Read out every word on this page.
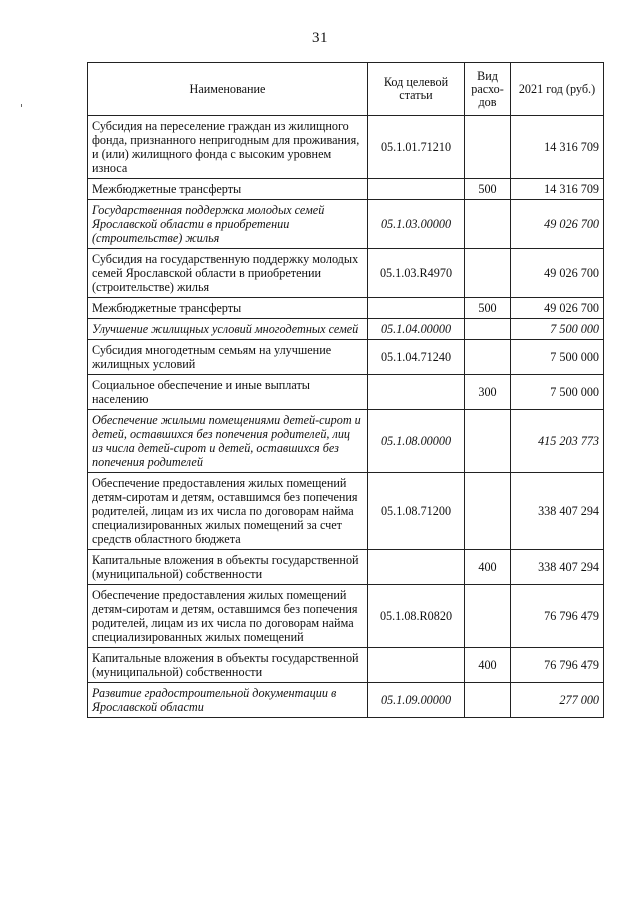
31
Наименование	Код целевой статьи	Вид расхо-дов	2021 год (руб.)
Субсидия на переселение граждан из жилищного фонда, признанного непригодным для проживания, и (или) жилищного фонда с высоким уровнем износа	05.1.01.71210		14 316 709
Межбюджетные трансферты		500	14 316 709
Государственная поддержка молодых семей Ярославской области в приобретении (строительстве) жилья	05.1.03.00000		49 026 700
Субсидия на государственную поддержку молодых семей Ярославской области в приобретении (строительстве) жилья	05.1.03.R4970		49 026 700
Межбюджетные трансферты		500	49 026 700
Улучшение жилищных условий многодетных семей	05.1.04.00000		7 500 000
Субсидия многодетным семьям на улучшение жилищных условий	05.1.04.71240		7 500 000
Социальное обеспечение и иные выплаты населению		300	7 500 000
Обеспечение жилыми помещениями детей-сирот и детей, оставшихся без попечения родителей, лиц из числа детей-сирот и детей, оставшихся без попечения родителей	05.1.08.00000		415 203 773
Обеспечение предоставления жилых помещений детям-сиротам и детям, оставшимся без попечения родителей, лицам из их числа по договорам найма специализированных жилых помещений за счет средств областного бюджета	05.1.08.71200		338 407 294
Капитальные вложения в объекты государственной (муниципальной) собственности		400	338 407 294
Обеспечение предоставления жилых помещений детям-сиротам и детям, оставшимся без попечения родителей, лицам из их числа по договорам найма специализированных жилых помещений	05.1.08.R0820		76 796 479
Капитальные вложения в объекты государственной (муниципальной) собственности		400	76 796 479
Развитие градостроительной документации в Ярославской области	05.1.09.00000		277 000
